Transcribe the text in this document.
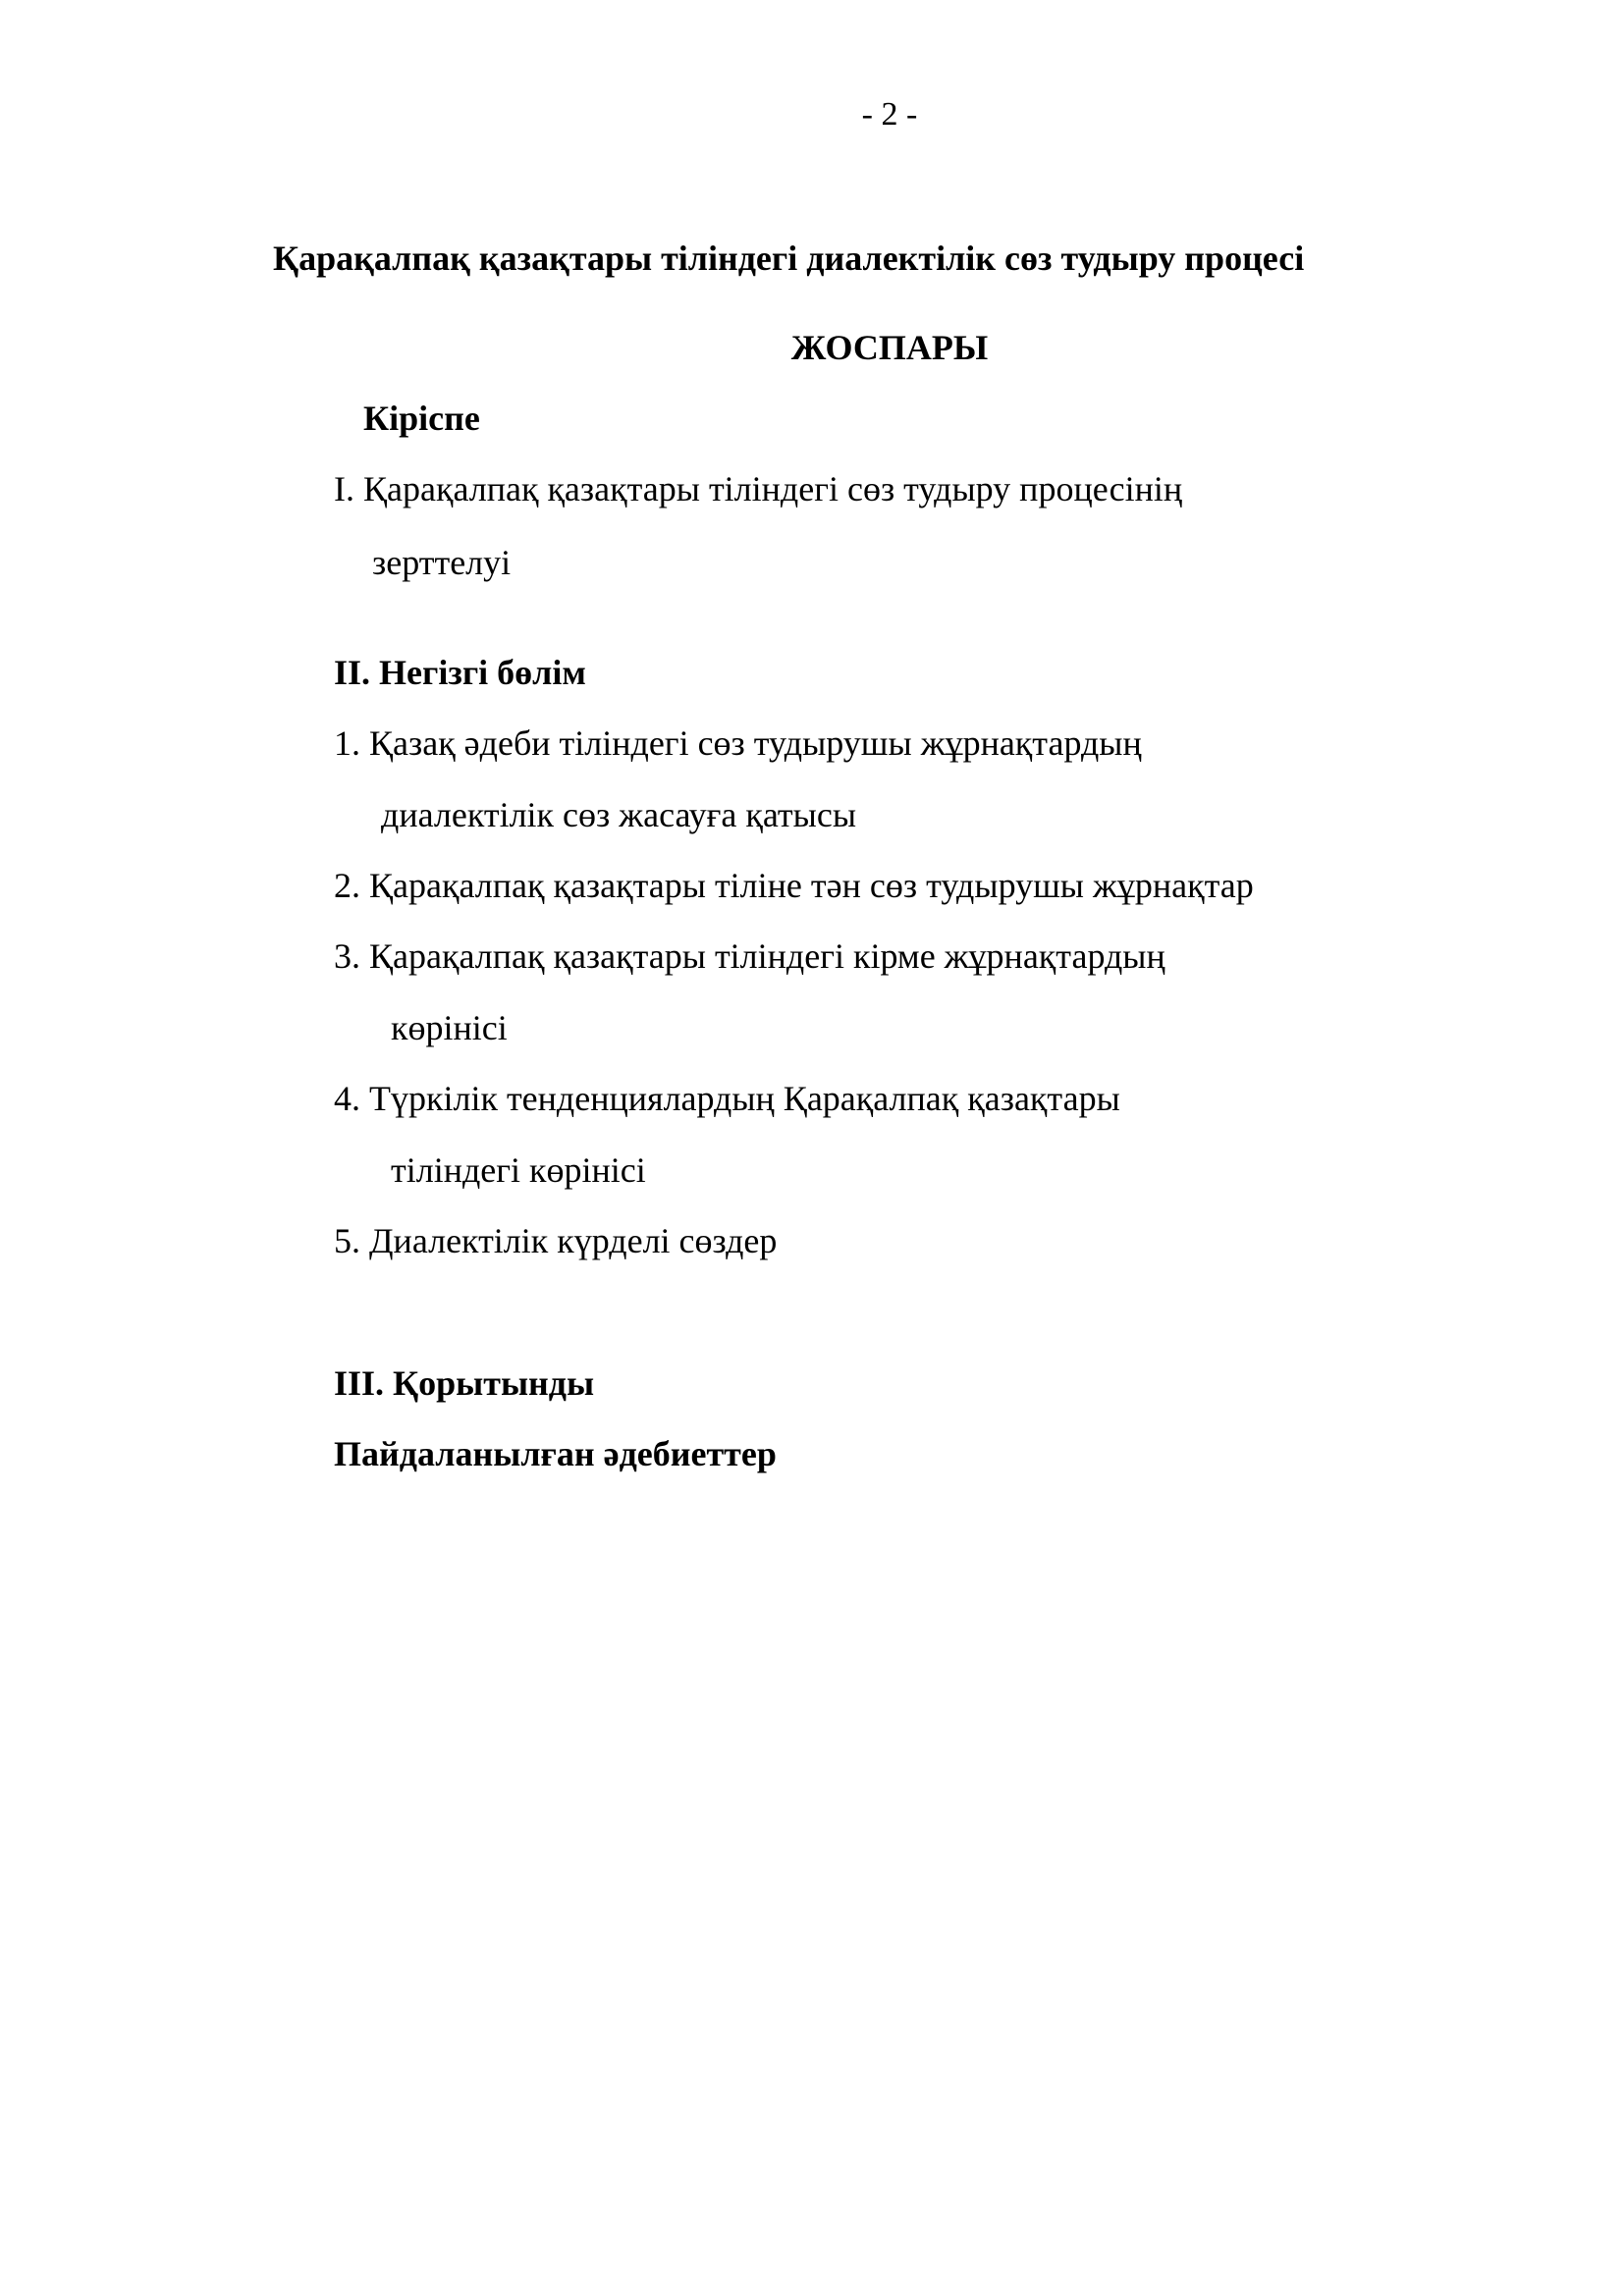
- 2 -
Қарақалпақ қазақтары тіліндегі диалектілік сөз тудыру процесі
ЖОСПАРЫ
Кіріспе
I. Қарақалпақ қазақтары тіліндегі сөз тудыру процесінің
зерттелуі
II. Негізгі бөлім
1. Қазақ әдеби тіліндегі сөз тудырушы жұрнақтардың
диалектілік сөз жасауға қатысы
2. Қарақалпақ қазақтары тіліне тән сөз тудырушы жұрнақтар
3. Қарақалпақ қазақтары тіліндегі кірме жұрнақтардың
көрінісі
4. Түркілік тенденциялардың Қарақалпақ қазақтары
тіліндегі көрінісі
5. Диалектілік күрделі сөздер
III. Қорытынды
Пайдаланылған әдебиеттер
